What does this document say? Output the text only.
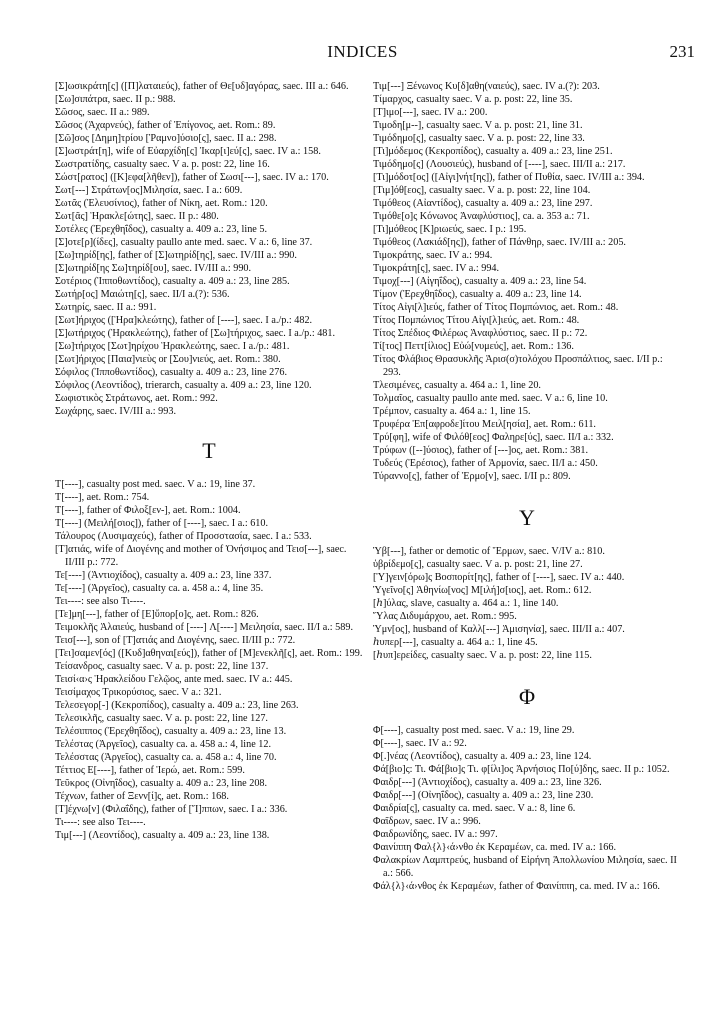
INDICES	231
[Σ]ωσικράτη[ς] ([Π]λαταιεύς), father of Θε[υδ]αγόρας, saec. III a.: 646.
[Σω]σιπάτρα, saec. II p.: 988.
Σῶσος, saec. II a.: 989.
Σῶσος (Ἀχαρνεύς), father of Ἐπίγονος, aet. Rom.: 89.
[Σῶ]σος [Δημη]τρίου [Ῥαμνο]ύσιο[ς], saec. II a.: 298.
[Σ]ωστράτ[η], wife of Εὐαρχίδη[ς] Ἰκαρ[ι]εύ[ς], saec. IV a.: 158.
Σωστρατίδης, casualty saec. V a. p. post: 22, line 16.
Σώστ[ρατος] ([Κ]εφα[λῆθεν]), father of Σωσι[---], saec. IV a.: 170.
Σωτ[---] Στράτων[ος]Μιλησία, saec. I a.: 609.
Σωτᾶς (Ἐλευσίνιος), father of Νίκη, aet. Rom.: 120.
Σωτ[ᾶς] Ἡρακλε[ώτης], saec. II p.: 480.
Σοτέλες (Ἐρεχθηΐδος), casualty a. 409 a.: 23, line 5.
[Σ]οτε[ρ](ίδες], casualty paullo ante med. saec. V a.: 6, line 37.
[Σω]τηρίδ[ης], father of [Σ]ωτηρίδ[ης], saec. IV/III a.: 990.
[Σ]ωτηρίδ[ης Σω]τηρίδ[ου], saec. IV/III a.: 990.
Σοτέριος (Ἱπποθωντίδος), casualty a. 409 a.: 23, line 285.
Σωτήρ[ος] Μαιώτη[ς], saec. II/I a.(?): 536.
Σωτηρίς, saec. II a.: 991.
[Σωτ]ήριχος ([Ἡρα]κλεώτης), father of [----], saec. I a./p.: 482.
[Σ]ωτήριχος (Ἡρακλεώτης), father of [Σω]τήριχος, saec. I a./p.: 481.
[Σω]τήριχος [Σωτ]ηρίχου Ἡρακλεώτης, saec. I a./p.: 481.
[Σωτ]ήριχος [Παια]νιεὺς or [Σου]νιεύς, aet. Rom.: 380.
Σόφιλος (Ἱπποθωντίδος), casualty a. 409 a.: 23, line 276.
Σόφιλος (Λεοντίδος), trierarch, casualty a. 409 a.: 23, line 120.
Σωφιστικὸς Στράτωνος, aet. Rom.: 992.
Σωχάρης, saec. IV/III a.: 993.
Τ
Τ[----], casualty post med. saec. V a.: 19, line 37.
Τ[----], aet. Rom.: 754.
Τ[----], father of Φιλοξ[εν-], aet. Rom.: 1004.
Τ[----] (Μειλή[σιος]), father of [----], saec. I a.: 610.
Τάλουρος (Λυσιμαχεύς), father of Προσστασία, saec. I a.: 533.
[Τ]ατιάς, wife of Διογένης and mother of Ὀνήσιμος and Τεισ[---], saec. II/III p.: 772.
Τε[----] (Ἀντιοχίδος), casualty a. 409 a.: 23, line 337.
Τε[----] (Ἀργεῖος), casualty ca. a. 458 a.: 4, line 35.
Τει----: see also Τι----.
[Τε]μη[---], father of [Ε]ὔπορ[ο]ς, aet. Rom.: 826.
Τειμοκλῆς Ἀλαιεύς, husband of [----] Λ[----] Μειλησία, saec. II/I a.: 589.
Τεισ[---], son of [Τ]ατιάς and Διογένης, saec. II/III p.: 772.
[Τει]σαμεν[ός] ([Κυδ]αθηναι[εύς]), father of [Μ]ενεκλῆ[ς], aet. Rom.: 199.
Τείσανδρος, casualty saec. V a. p. post: 22, line 137.
Τεισί‹α›ς Ἡρακλείδου Γελῷος, ante med. saec. IV a.: 445.
Τεισίμαχος Τρικορύσιος, saec. V a.: 321.
Τελεσεγορ[-] (Κεκροπίδος), casualty a. 409 a.: 23, line 263.
Τελεσικλῆς, casualty saec. V a. p. post: 22, line 127.
Τελέσιππος (Ἐρεχθηΐδος), casualty a. 409 a.: 23, line 13.
Τελέστας (Ἀργεῖος), casualty ca. a. 458 a.: 4, line 12.
Τελέσστας (Ἀργεῖος), casualty ca. a. 458 a.: 4, line 70.
Τέττιος Ε[----], father of Ἱερώ, aet. Rom.: 599.
Τεῦκρος (Οἰνηΐδος), casualty a. 409 a.: 23, line 208.
Τέχνων, father of Ξενν[ί]ς, aet. Rom.: 168.
[Τ]έχνω[ν] (Φιλαΐδης), father of [Ἵ]ππων, saec. I a.: 336.
Τι----: see also Τει----.
Τιμ[---] (Λεοντίδος), casualty a. 409 a.: 23, line 138.
Τιμ[---] Ξένωνος Κυ[δ]αθη(ναιεύς), saec. IV a.(?): 203.
Τίμαρχος, casualty saec. V a. p. post: 22, line 35.
[Τ]ιμο[---], saec. IV a.: 200.
Τιμοδη[μ--], casualty saec. V a. p. post: 21, line 31.
Τιμόδημο[ς], casualty saec. V a. p. post: 22, line 33.
[Τι]μόδεμος (Κεκροπίδος), casualty a. 409 a.: 23, line 251.
Τιμόδημο[ς] (Λουσιεύς), husband of [----], saec. III/II a.: 217.
[Τι]μόδοτ[ος] ([Αἰγι]νήτ[ης]), father of Πυθία, saec. IV/III a.: 394.
[Τιμ]όθ[εος], casualty saec. V a. p. post: 22, line 104.
Τιμόθεος (Αἰαντίδος), casualty a. 409 a.: 23, line 297.
Τιμόθε[ο]ς Κόνωνος Ἀναφλύστιος], ca. a. 353 a.: 71.
[Τι]μόθεος [Κ]ριωεύς, saec. I p.: 195.
Τιμόθεος (Λακιάδ[ης]), father of Πάνθηρ, saec. IV/III a.: 205.
Τιμοκράτης, saec. IV a.: 994.
Τιμοκράτη[ς], saec. IV a.: 994.
Τιμοχ[---] (Αἰγηΐδος), casualty a. 409 a.: 23, line 54.
Τίμον (Ἐρεχθηΐδος), casualty a. 409 a.: 23, line 14.
Τίτος Αἰγι[λ]ιεύς, father of Τίτος Πομπώνιος, aet. Rom.: 48.
Τίτος Πομπώνιος Τίτου Αἰγι[λ]ιεύς, aet. Rom.: 48.
Τίτος Σπέδιος Φιλέρως Ἀναφλύστιος, saec. II p.: 72.
Τί[τος] Πεττ[ίλιος] Εὐώ[νυμεύς], aet. Rom.: 136.
Τίτος Φλάβιος Θρασυκλῆς Ἀρισ(σ)τολόχου Προσπάλτιος, saec. I/II p.: 293.
Τλεσιμένες, casualty a. 464 a.: 1, line 20.
Τολμαῖος, casualty paullo ante med. saec. V a.: 6, line 10.
Τρέμπον, casualty a. 464 a.: 1, line 15.
Τρυφέρα Ἐπ[αφροδε]ίτου Μειλ[ησία], aet. Rom.: 611.
Τρύ[φη], wife of Φιλόθ[εος] Φαληρε[ύς], saec. II/I a.: 332.
Τρύφων ([--]ύσιος), father of [---]ος, aet. Rom.: 381.
Τυδεύς (Ἐρέσιος), father of Ἁρμονία, saec. II/I a.: 450.
Τύραννο[ς], father of Ἑρμο[ν], saec. I/II p.: 809.
Υ
Ὑβ[---], father or demotic of Ἕρμων, saec. V/IV a.: 810.
ὑβρίδεμο[ς], casualty saec. V a. p. post: 21, line 27.
[Ὑ]γειν[όρω]ς Βοσπορίτ[ης], father of [----], saec. IV a.: 440.
Ὑγεῖνο[ς] Ἀθηνίω[νος] Μ[ιλή]σ[ιος], aet. Rom.: 612.
[ℎ]ύλας, slave, casualty a. 464 a.: 1, line 140.
Ὕλας Διδυμάρχου, aet. Rom.: 995.
Ὑμν[ος], husband of Καλλ[---] Ἀμισηνία], saec. III/II a.: 407.
ℎυπερ[---], casualty a. 464 a.: 1, line 45.
[ℎυπ]ερείδες, casualty saec. V a. p. post: 22, line 115.
Φ
Φ[----], casualty post med. saec. V a.: 19, line 29.
Φ[----], saec. IV a.: 92.
Φ[.]νέας (Λεοντίδος), casualty a. 409 a.: 23, line 124.
Φά[βιο]ς: Τι. Φά[βιο]ς Τι. φ[ίλι]ος Ἀρνήσιος Πο[ύ]δης, saec. II p.: 1052.
Φαιδρ[---] (Ἀντιοχίδος), casualty a. 409 a.: 23, line 326.
Φαιδρ[---] (Οἰνηΐδος), casualty a. 409 a.: 23, line 230.
Φαιδρία[ς], casualty ca. med. saec. V a.: 8, line 6.
Φαῖδρων, saec. IV a.: 996.
Φαιδρωνίδης, saec. IV a.: 997.
Φαινίππη Φαλ{λ}‹ά›νθο ἐκ Κεραμέων, ca. med. IV a.: 166.
Φαλακρίων Λαμπτρεύς, husband of Εἰρήνη Ἀπολλωνίου Μιλησία, saec. II a.: 566.
Φάλ{λ}‹ά›νθος ἐκ Κεραμέων, father of Φαινίππη, ca. med. IV a.: 166.
